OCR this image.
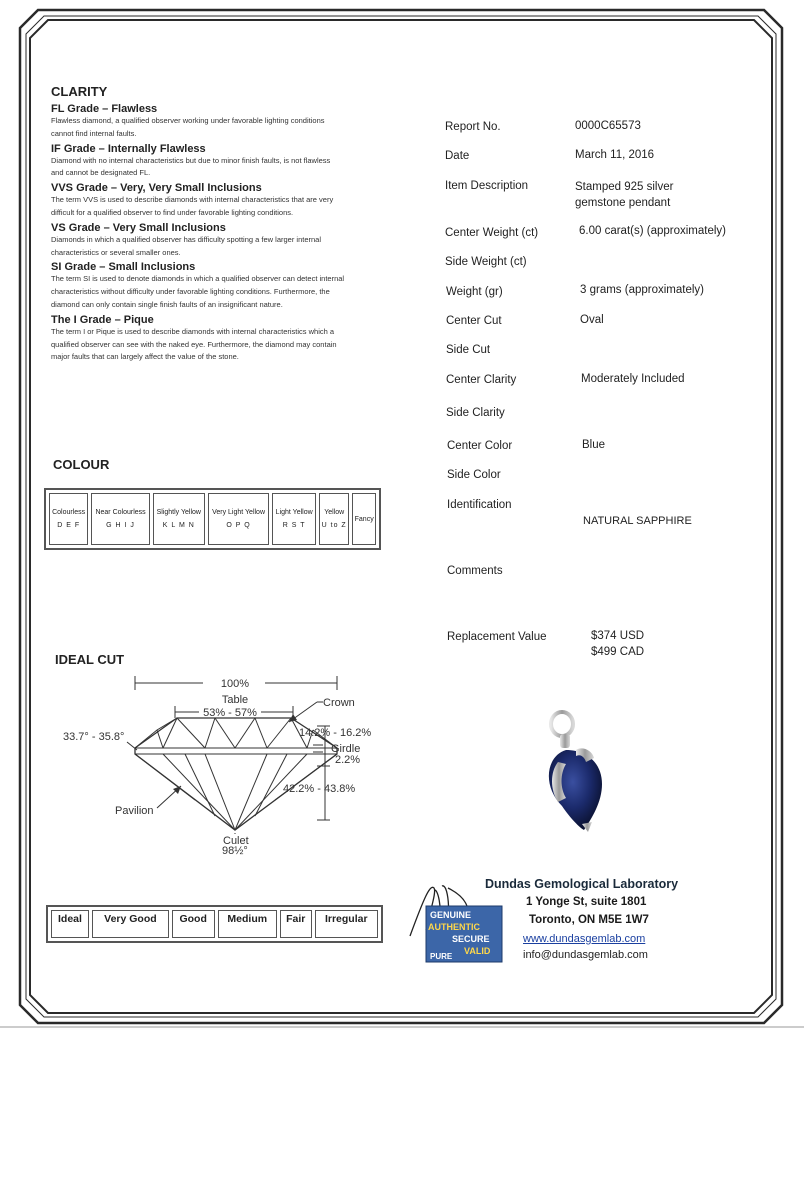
CLARITY
FL Grade – Flawless
Flawless diamond, a qualified observer working under favorable lighting conditions
cannot find internal faults.
IF Grade – Internally Flawless
Diamond with no internal characteristics but due to minor finish faults, is not flawless
and cannot be designated FL.
VVS Grade – Very, Very Small Inclusions
The term VVS is used to describe diamonds with internal characteristics that are very
difficult for a qualified observer to find under favorable lighting conditions.
VS Grade – Very Small Inclusions
Diamonds in which a qualified observer has difficulty spotting a few larger internal
characteristics or several smaller ones.
SI Grade – Small Inclusions
The term SI is used to denote diamonds in which a qualified observer can detect internal
characteristics without difficulty under favorable lighting conditions. Furthermore, the
diamond can only contain single finish faults of an insignificant nature.
The I Grade – Pique
The term I or Pique is used to describe diamonds with internal characteristics which a
qualified observer can see with the naked eye. Furthermore, the diamond may contain
major faults that can largely affect the value of the stone.
COLOUR
Colourless
D E F

Near Colourless
G H I J

Slightly Yellow
K L M N

Very Light Yellow
O P Q

Light Yellow
R S T

Yellow
U to Z

Fancy
IDEAL CUT
100%
Table
53% - 57%
Crown
33.7° - 35.8°	14.2% - 16.2%
Girdle
2.2%
42.2% - 43.8%
Pavilion
Culet
98½°
Ideal	Very Good	Good	Medium	Fair	Irregular
Report No.	0000C65573
Date	March 11, 2016
Item Description	Stamped 925 silver gemstone pendant
Center Weight (ct)	6.00 carat(s) (approximately)
Side Weight (ct)
Weight (gr)	3 grams (approximately)
Center Cut	Oval
Side Cut
Center Clarity	Moderately Included
Side Clarity
Center Color	Blue
Side Color
Identification
NATURAL SAPPHIRE
Comments
Replacement Value	$374 USD
$499 CAD
GENUINE
AUTHENTIC
SECURE
VALID
PURE
Dundas Gemological Laboratory
1 Yonge St, suite 1801
Toronto, ON M5E 1W7
www.dundasgemlab.com
info@dundasgemlab.com
